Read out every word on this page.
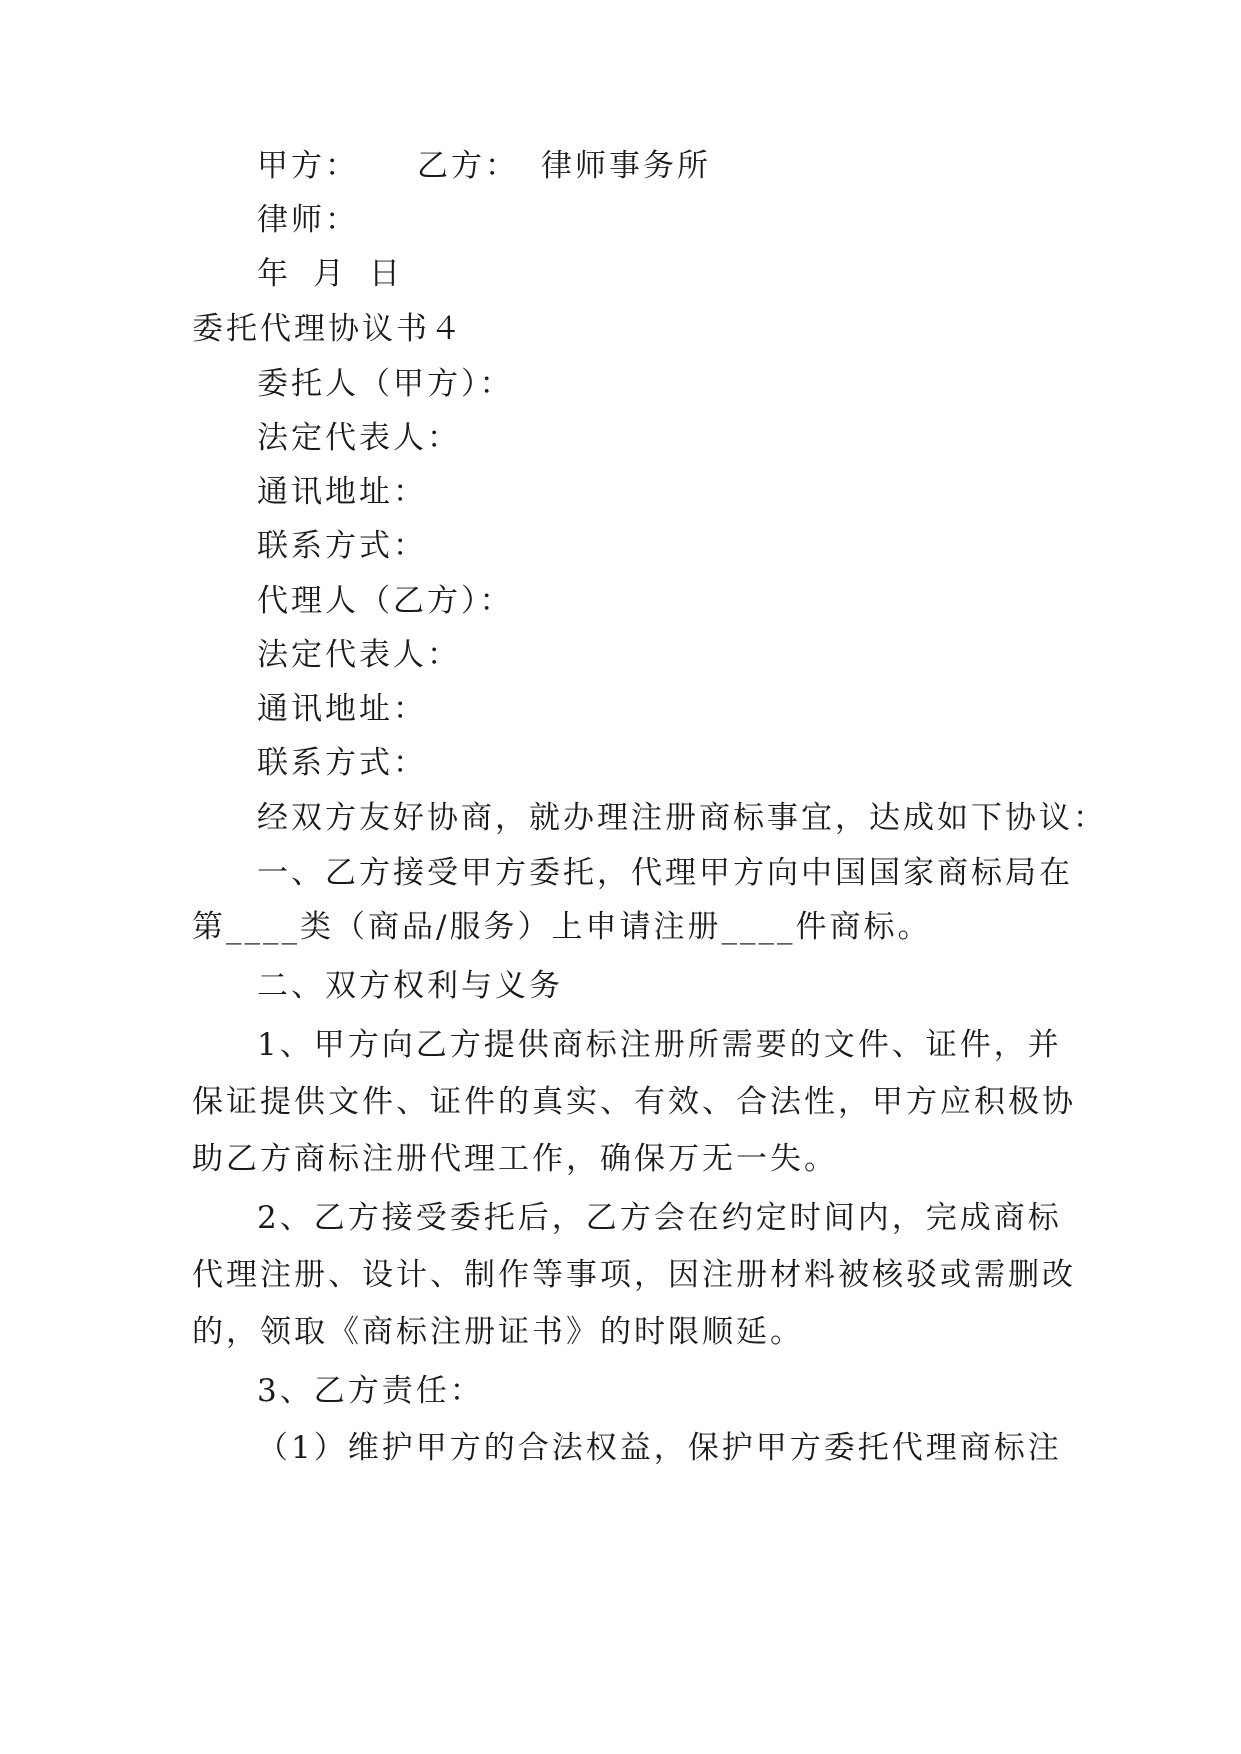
甲方： 乙方： 律师事务所
律师：
年 月 日
委托代理协议书４
委托人（甲方）：
法定代表人：
通讯地址：
联系方式：
代理人（乙方）：
法定代表人：
通讯地址：
联系方式：
经双方友好协商，就办理注册商标事宜，达成如下协议：
一、乙方接受甲方委托，代理甲方向中国国家商标局在
第____类（商品/服务）上申请注册____件商标。
二、双方权利与义务
1、甲方向乙方提供商标注册所需要的文件、证件，并
保证提供文件、证件的真实、有效、合法性，甲方应积极协
助乙方商标注册代理工作，确保万无一失。
2、乙方接受委托后，乙方会在约定时间内，完成商标
代理注册、设计、制作等事项，因注册材料被核驳或需删改
的，领取《商标注册证书》的时限顺延。
3、乙方责任：
（1）维护甲方的合法权益，保护甲方委托代理商标注
